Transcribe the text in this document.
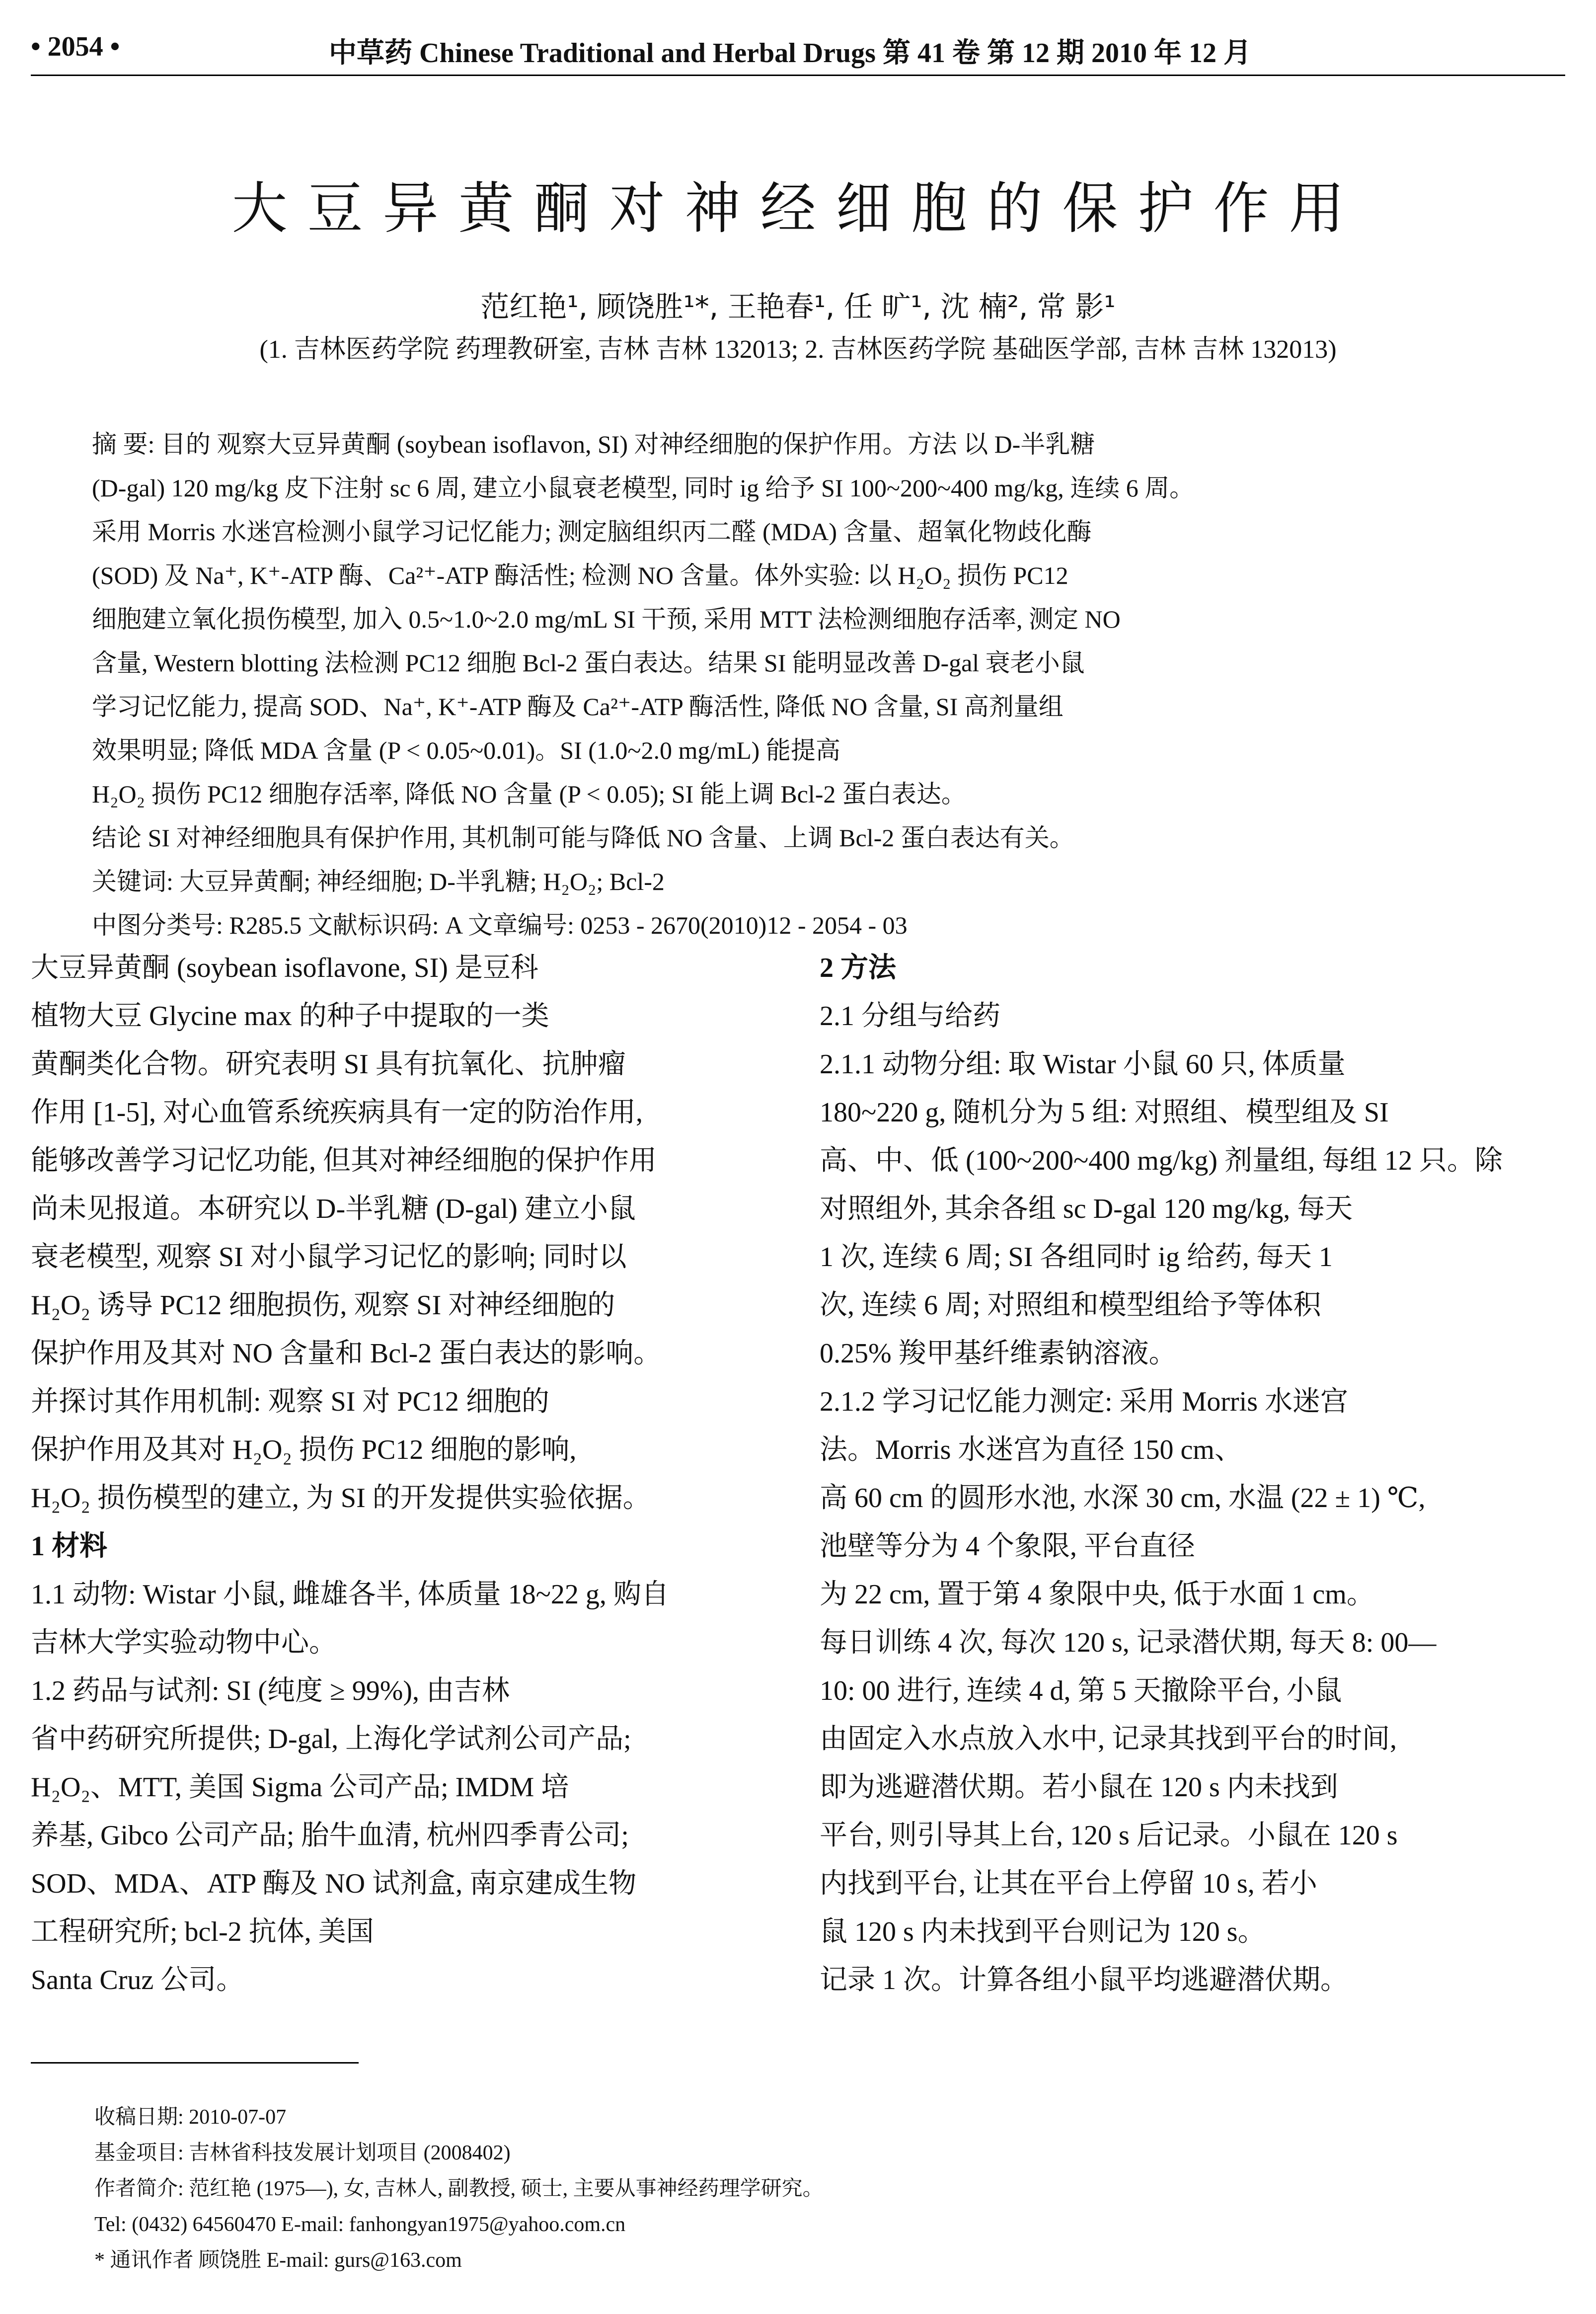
• 2054 •	中草药 Chinese Traditional and Herbal Drugs 第 41 卷 第 12 期 2010 年 12 月
大豆异黄酮对神经细胞的保护作用
范红艳¹, 顾饶胜¹*, 王艳春¹, 任 旷¹, 沈 楠², 常 影¹
(1. 吉林医药学院 药理教研室, 吉林 吉林 132013; 2. 吉林医药学院 基础医学部, 吉林 吉林 132013)

摘 要: 目的 观察大豆异黄酮 (soybean isoflavon, SI) 对神经细胞的保护作用。方法 以 D-半乳糖

(D-gal) 120 mg/kg 皮下注射 sc 6 周, 建立小鼠衰老模型, 同时 ig 给予 SI 100~200~400 mg/kg, 连续 6 周。

采用 Morris 水迷宫检测小鼠学习记忆能力; 测定脑组织丙二醛 (MDA) 含量、超氧化物歧化酶

(SOD) 及 Na⁺, K⁺-ATP 酶、Ca²⁺-ATP 酶活性; 检测 NO 含量。体外实验: 以 H₂O₂ 损伤 PC12

细胞建立氧化损伤模型, 加入 0.5~1.0~2.0 mg/mL SI 干预, 采用 MTT 法检测细胞存活率, 测定 NO

含量, Western blotting 法检测 PC12 细胞 Bcl-2 蛋白表达。结果 SI 能明显改善 D-gal 衰老小鼠

学习记忆能力, 提高 SOD、Na⁺, K⁺-ATP 酶及 Ca²⁺-ATP 酶活性, 降低 NO 含量, SI 高剂量组

效果明显; 降低 MDA 含量 (P < 0.05~0.01)。SI (1.0~2.0 mg/mL) 能提高

H₂O₂ 损伤 PC12 细胞存活率, 降低 NO 含量 (P < 0.05); SI 能上调 Bcl-2 蛋白表达。

结论 SI 对神经细胞具有保护作用, 其机制可能与降低 NO 含量、上调 Bcl-2 蛋白表达有关。

关键词: 大豆异黄酮; 神经细胞; D-半乳糖; H₂O₂; Bcl-2

中图分类号: R285.5 文献标识码: A 文章编号: 0253 - 2670(2010)12 - 2054 - 03

大豆异黄酮 (soybean isoflavone, SI) 是豆科

植物大豆 Glycine max 的种子中提取的一类

黄酮类化合物。研究表明 SI 具有抗氧化、抗肿瘤

作用 [1-5], 对心血管系统疾病具有一定的防治作用,

能够改善学习记忆功能, 但其对神经细胞的保护作用

尚未见报道。本研究以 D-半乳糖 (D-gal) 建立小鼠

衰老模型, 观察 SI 对小鼠学习记忆的影响; 同时以

H₂O₂ 诱导 PC12 细胞损伤, 观察 SI 对神经细胞的

保护作用及其对 NO 含量和 Bcl-2 蛋白表达的影响。

并探讨其作用机制: 观察 SI 对 PC12 细胞的

保护作用及其对 H₂O₂ 损伤 PC12 细胞的影响,

H₂O₂ 损伤模型的建立, 为 SI 的开发提供实验依据。

1 材料

1.1 动物: Wistar 小鼠, 雌雄各半, 体质量 18~22 g, 购自

吉林大学实验动物中心。

1.2 药品与试剂: SI (纯度 ≥ 99%), 由吉林

省中药研究所提供; D-gal, 上海化学试剂公司产品;

H₂O₂、MTT, 美国 Sigma 公司产品; IMDM 培

养基, Gibco 公司产品; 胎牛血清, 杭州四季青公司;

SOD、MDA、ATP 酶及 NO 试剂盒, 南京建成生物

工程研究所; bcl-2 抗体, 美国

Santa Cruz 公司。

2 方法

2.1 分组与给药

2.1.1 动物分组: 取 Wistar 小鼠 60 只, 体质量

180~220 g, 随机分为 5 组: 对照组、模型组及 SI

高、中、低 (100~200~400 mg/kg) 剂量组, 每组 12 只。除

对照组外, 其余各组 sc D-gal 120 mg/kg, 每天

1 次, 连续 6 周; SI 各组同时 ig 给药, 每天 1

次, 连续 6 周; 对照组和模型组给予等体积

0.25% 羧甲基纤维素钠溶液。

2.1.2 学习记忆能力测定: 采用 Morris 水迷宫

法。Morris 水迷宫为直径 150 cm、

高 60 cm 的圆形水池, 水深 30 cm, 水温 (22 ± 1) ℃,

池壁等分为 4 个象限, 平台直径

为 22 cm, 置于第 4 象限中央, 低于水面 1 cm。

每日训练 4 次, 每次 120 s, 记录潜伏期, 每天 8: 00—

10: 00 进行, 连续 4 d, 第 5 天撤除平台, 小鼠

由固定入水点放入水中, 记录其找到平台的时间,

即为逃避潜伏期。若小鼠在 120 s 内未找到

平台, 则引导其上台, 120 s 后记录。小鼠在 120 s

内找到平台, 让其在平台上停留 10 s, 若小

鼠 120 s 内未找到平台则记为 120 s。

记录 1 次。计算各组小鼠平均逃避潜伏期。

收稿日期: 2010-07-07

基金项目: 吉林省科技发展计划项目 (2008402)

作者简介: 范红艳 (1975—), 女, 吉林人, 副教授, 硕士, 主要从事神经药理学研究。

Tel: (0432) 64560470 E-mail: fanhongyan1975@yahoo.com.cn

* 通讯作者 顾饶胜 E-mail: gurs@163.com
